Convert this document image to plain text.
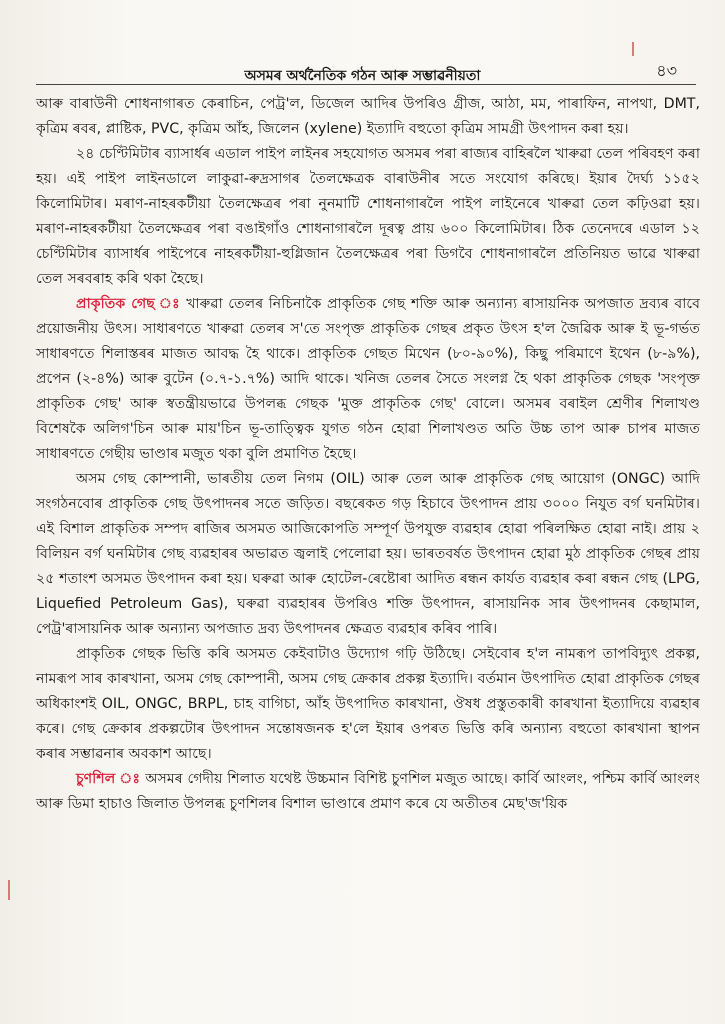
অসমৰ অৰ্থনৈতিক গঠন আৰু সম্ভাৱনীয়তা	৪৩

আৰু বাৰাউনী শোধনাগাৰত কেৰাচিন, পেট্ৰ'ল, ডিজেল আদিৰ উপৰিও গ্ৰীজ, আঠা, মম, পাৰাফিন, নাপথা, DMT, কৃত্ৰিম ৰবৰ, প্লাষ্টিক, PVC, কৃত্ৰিম আঁহ, জিলেন (xylene) ইত্যাদি বহুতো কৃত্ৰিম সামগ্ৰী উৎপাদন কৰা হয়।

২৪ চেণ্টিমিটাৰ ব্যাসাৰ্ধৰ এডাল পাইপ লাইনৰ সহযোগত অসমৰ পৰা ৰাজ্যৰ বাহিৰলৈ খাৰুৱা তেল পৰিবহণ কৰা হয়। এই পাইপ লাইনডালে লাকুৱা-ৰুদ্ৰসাগৰ তৈলক্ষেত্ৰক বাৰাউনীৰ সতে সংযোগ কৰিছে। ইয়াৰ দৈৰ্ঘ্য ১১৫২ কিলোমিটাৰ। মৰাণ-নাহৰকটীয়া তৈলক্ষেত্ৰৰ পৰা নুনমাটি শোধনাগাৰলৈ পাইপ লাইনেৰে খাৰুৱা তেল কঢ়িওৱা হয়। মৰাণ-নাহৰকটীয়া তৈলক্ষেত্ৰৰ পৰা বঙাইগাঁও শোধনাগাৰলৈ দূৰত্ব প্ৰায় ৬০০ কিলোমিটাৰ। ঠিক তেনেদৰে এডাল ১২ চেণ্টিমিটাৰ ব্যাসাৰ্ধৰ পাইপেৰে নাহৰকটীয়া-হুগ্লিজান তৈলক্ষেত্ৰৰ পৰা ডিগবৈ শোধনাগাৰলৈ প্ৰতিনিয়ত ভাৱে খাৰুৱা তেল সৰবৰাহ কৰি থকা হৈছে।

প্ৰাকৃতিক গেছ ঃ খাৰুৱা তেলৰ নিচিনাকৈ প্ৰাকৃতিক গেছ শক্তি আৰু অন্যান্য ৰাসায়নিক অপজাত দ্ৰব্যৰ বাবে প্ৰয়োজনীয় উৎস। সাধাৰণতে খাৰুৱা তেলৰ স'তে সংপৃক্ত প্ৰাকৃতিক গেছৰ প্ৰকৃত উৎস হ'ল জৈৱিক আৰু ই ভূ-গৰ্ভত সাধাৰণতে শিলাস্তৰৰ মাজত আবদ্ধ হৈ থাকে। প্ৰাকৃতিক গেছত মিথেন (৮০-৯০%), কিছু পৰিমাণে ইথেন (৮-৯%), প্ৰপেন (২-৪%) আৰু বুটেন (০.৭-১.৭%) আদি থাকে। খনিজ তেলৰ সৈতে সংলগ্ন হৈ থকা প্ৰাকৃতিক গেছক 'সংপৃক্ত প্ৰাকৃতিক গেছ' আৰু স্বতন্ত্ৰীয়ভাৱে উপলব্ধ গেছক 'মুক্ত প্ৰাকৃতিক গেছ' বোলে। অসমৰ বৰাইল শ্ৰেণীৰ শিলাখণ্ড বিশেষকৈ অলিগ'চিন আৰু মায়'চিন ভূ-তাত্ত্বিক যুগত গঠন হোৱা শিলাখণ্ডত অতি উচ্চ তাপ আৰু চাপৰ মাজত সাধাৰণতে গেছীয় ভাণ্ডাৰ মজুত থকা বুলি প্ৰমাণিত হৈছে।

অসম গেছ কোম্পানী, ভাৰতীয় তেল নিগম (OIL) আৰু তেল আৰু প্ৰাকৃতিক গেছ আয়োগ (ONGC) আদি সংগঠনবোৰ প্ৰাকৃতিক গেছ উৎপাদনৰ সতে জড়িত। বছৰেকত গড় হিচাবে উৎপাদন প্ৰায় ৩০০০ নিযুত বৰ্গ ঘনমিটাৰ। এই বিশাল প্ৰাকৃতিক সম্পদ ৰাজিৰ অসমত আজিকোপতি সম্পূৰ্ণ উপযুক্ত ব্যৱহাৰ হোৱা পৰিলক্ষিত হোৱা নাই। প্ৰায় ২ বিলিয়ন বৰ্গ ঘনমিটাৰ গেছ ব্যৱহাৰৰ অভাৱত জ্বলাই পেলোৱা হয়। ভাৰতবৰ্ষত উৎপাদন হোৱা মুঠ প্ৰাকৃতিক গেছৰ প্ৰায় ২৫ শতাংশ অসমত উৎপাদন কৰা হয়। ঘৰুৱা আৰু হোটেল-ৰেষ্টোৰা আদিত ৰন্ধন কাৰ্যত ব্যৱহাৰ কৰা ৰন্ধন গেছ (LPG, Liquefied Petroleum Gas), ঘৰুৱা ব্যৱহাৰৰ উপৰিও শক্তি উৎপাদন, ৰাসায়নিক সাৰ উৎপাদনৰ কেছামাল, পেট্ৰ'ৰাসায়নিক আৰু অন্যান্য অপজাত দ্ৰব্য উৎপাদনৰ ক্ষেত্ৰত ব্যৱহাৰ কৰিব পাৰি।

প্ৰাকৃতিক গেছক ভিত্তি কৰি অসমত কেইবাটাও উদ্যোগ গঢ়ি উঠিছে। সেইবোৰ হ'ল নামৰূপ তাপবিদ্যুৎ প্ৰকল্প, নামৰূপ সাৰ কাৰখানা, অসম গেছ কোম্পানী, অসম গেছ ক্ৰেকাৰ প্ৰকল্প ইত্যাদি। বৰ্তমান উৎপাদিত হোৱা প্ৰাকৃতিক গেছৰ অধিকাংশই OIL, ONGC, BRPL, চাহ বাগিচা, আঁহ উৎপাদিত কাৰখানা, ঔষধ প্ৰস্তুতকাৰী কাৰখানা ইত্যাদিয়ে ব্যৱহাৰ কৰে। গেছ ক্ৰেকাৰ প্ৰকল্পটোৰ উৎপাদন সন্তোষজনক হ'লে ইয়াৰ ওপৰত ভিত্তি কৰি অন্যান্য বহুতো কাৰখানা স্থাপন কৰাৰ সম্ভাৱনাৰ অবকাশ আছে।

চুণশিল ঃ অসমৰ গেদীয় শিলাত যথেষ্ট উচ্চমান বিশিষ্ট চুণশিল মজুত আছে। কাৰ্বি আংলং, পশ্চিম কাৰ্বি আংলং আৰু ডিমা হাচাও জিলাত উপলব্ধ চুণশিলৰ বিশাল ভাণ্ডাৰে প্ৰমাণ কৰে যে অতীতৰ মেছ'জ'য়িক
